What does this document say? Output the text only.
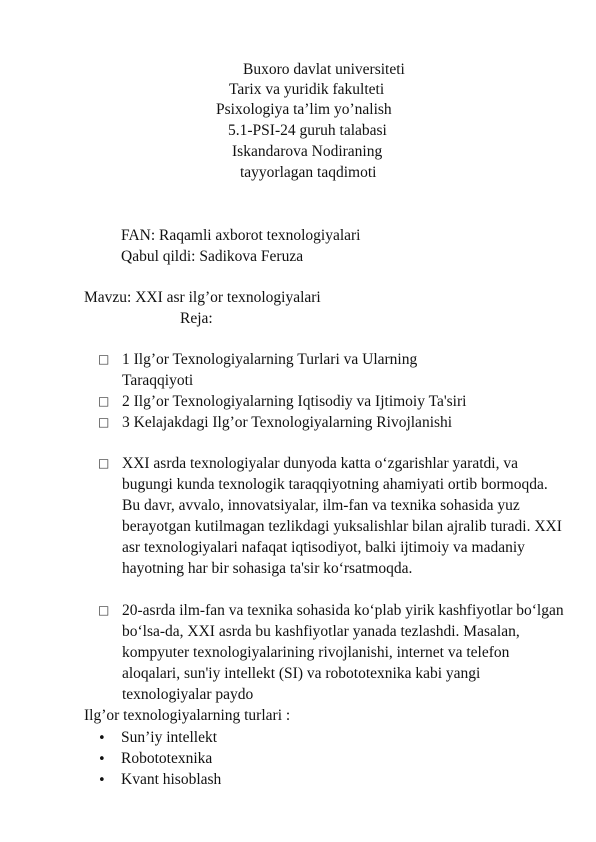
Buxoro davlat universiteti
Tarix va yuridik fakulteti
Psixologiya ta’lim yo’nalish
5.1-PSI-24 guruh talabasi
Iskandarova Nodiraning
tayyorlagan taqdimoti
FAN: Raqamli axborot texnologiyalari
Qabul qildi: Sadikova Feruza
Mavzu: XXI asr ilg’or texnologiyalari
Reja:
□ 1 Ilg’or Texnologiyalarning Turlari va Ularning Taraqqiyoti
□ 2 Ilg’or Texnologiyalarning Iqtisodiy va Ijtimoiy Ta'siri
□ 3 Kelajakdagi Ilg’or Texnologiyalarning Rivojlanishi
□ XXI asrda texnologiyalar dunyoda katta o‘zgarishlar yaratdi, va bugungi kunda texnologik taraqqiyotning ahamiyati ortib bormoqda. Bu davr, avvalo, innovatsiyalar, ilm-fan va texnika sohasida yuz berayotgan kutilmagan tezlikdagi yuksalishlar bilan ajralib turadi. XXI asr texnologiyalari nafaqat iqtisodiyot, balki ijtimoiy va madaniy hayotning har bir sohasiga ta'sir ko‘rsatmoqda.
□ 20-asrda ilm-fan va texnika sohasida ko‘plab yirik kashfiyotlar bo‘lgan bo‘lsa-da, XXI asrda bu kashfiyotlar yanada tezlashdi. Masalan, kompyuter texnologiyalarining rivojlanishi, internet va telefon aloqalari, sun'iy intellekt (SI) va robototexnika kabi yangi texnologiyalar paydo
Ilg’or texnologiyalarning turlari :
• Sun’iy intellekt
• Robototexnika
• Kvant hisoblash
